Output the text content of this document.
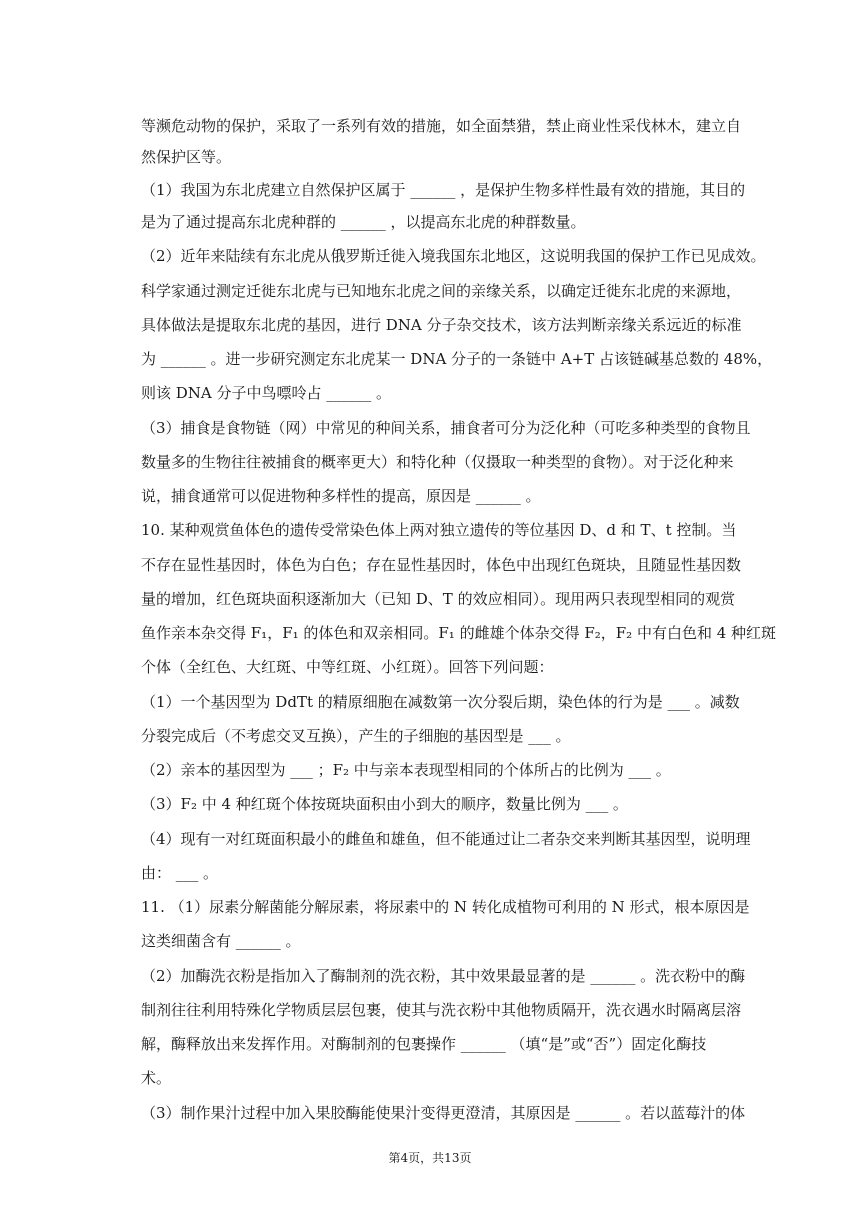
等濒危动物的保护，采取了一系列有效的措施，如全面禁猎，禁止商业性采伐林木，建立自
然保护区等。
（1）我国为东北虎建立自然保护区属于 ______ ，是保护生物多样性最有效的措施，其目的
是为了通过提高东北虎种群的 ______ ，以提高东北虎的种群数量。
（2）近年来陆续有东北虎从俄罗斯迁徙入境我国东北地区，这说明我国的保护工作已见成效。
科学家通过测定迁徙东北虎与已知地东北虎之间的亲缘关系，以确定迁徙东北虎的来源地，
具体做法是提取东北虎的基因，进行 DNA 分子杂交技术，该方法判断亲缘关系远近的标准
为 ______ 。进一步研究测定东北虎某一 DNA 分子的一条链中 A+T 占该链碱基总数的 48%，
则该 DNA 分子中鸟嘌呤占 ______ 。
（3）捕食是食物链（网）中常见的种间关系，捕食者可分为泛化种（可吃多种类型的食物且
数量多的生物往往被捕食的概率更大）和特化种（仅摄取一种类型的食物）。对于泛化种来
说，捕食通常可以促进物种多样性的提高，原因是 ______ 。
10. 某种观赏鱼体色的遗传受常染色体上两对独立遗传的等位基因 D、d 和 T、t 控制。当
不存在显性基因时，体色为白色；存在显性基因时，体色中出现红色斑块，且随显性基因数
量的增加，红色斑块面积逐渐加大（已知 D、T 的效应相同）。现用两只表现型相同的观赏
鱼作亲本杂交得 F₁，F₁ 的体色和双亲相同。F₁ 的雌雄个体杂交得 F₂，F₂ 中有白色和 4 种红斑
个体（全红色、大红斑、中等红斑、小红斑）。回答下列问题：
（1）一个基因型为 DdTt 的精原细胞在减数第一次分裂后期，染色体的行为是 ___ 。减数
分裂完成后（不考虑交叉互换），产生的子细胞的基因型是 ___ 。
（2）亲本的基因型为 ___ ；F₂ 中与亲本表现型相同的个体所占的比例为 ___ 。
（3）F₂ 中 4 种红斑个体按斑块面积由小到大的顺序，数量比例为 ___ 。
（4）现有一对红斑面积最小的雌鱼和雄鱼，但不能通过让二者杂交来判断其基因型，说明理
由： ___ 。
11. （1）尿素分解菌能分解尿素，将尿素中的 N 转化成植物可利用的 N 形式，根本原因是
这类细菌含有 ______ 。
（2）加酶洗衣粉是指加入了酶制剂的洗衣粉，其中效果最显著的是 ______ 。洗衣粉中的酶
制剂往往利用特殊化学物质层层包裹，使其与洗衣粉中其他物质隔开，洗衣遇水时隔离层溶
解，酶释放出来发挥作用。对酶制剂的包裹操作 ______ （填“是”或“否”）固定化酶技
术。
（3）制作果汁过程中加入果胶酶能使果汁变得更澄清，其原因是 ______ 。若以蓝莓汁的体
第4页，共13页
